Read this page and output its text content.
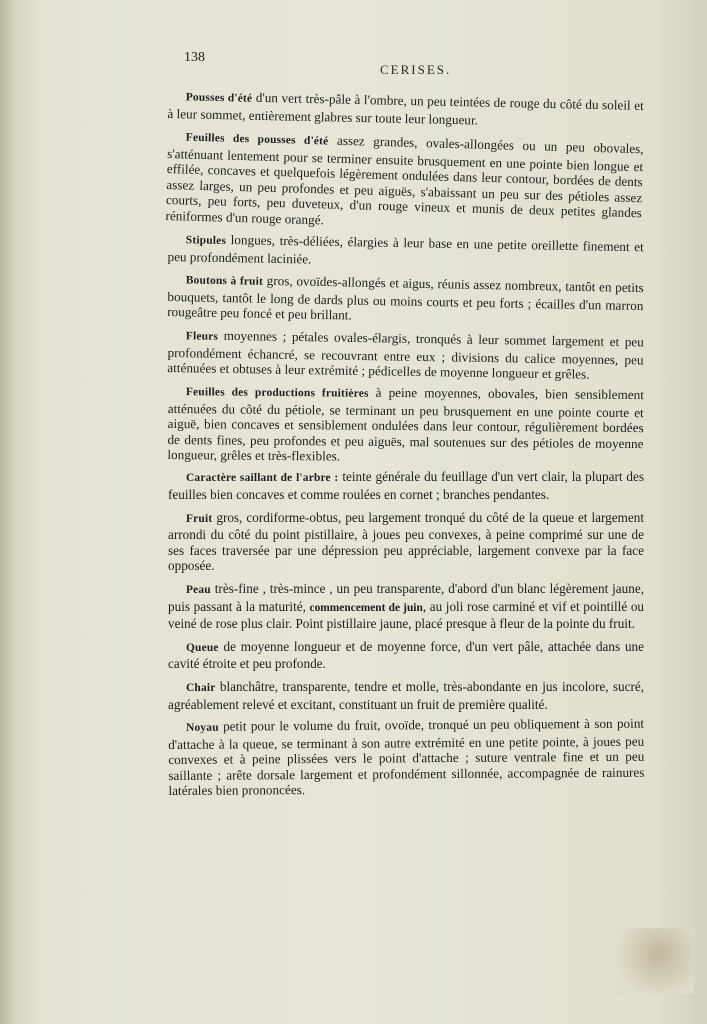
138
CERISES.

Pousses d'été d'un vert très-pâle à l'ombre, un peu teintées de rouge du côté du soleil et à leur sommet, entièrement glabres sur toute leur longueur.

Feuilles des pousses d'été assez grandes, ovales-allongées ou un peu obovales, s'atténuant lentement pour se terminer ensuite brusquement en une pointe bien longue et effilée, concaves et quelquefois légèrement ondulées dans leur contour, bordées de dents assez larges, un peu profondes et peu aiguës, s'abaissant un peu sur des pétioles assez courts, peu forts, peu duveteux, d'un rouge vineux et munis de deux petites glandes réniformes d'un rouge orangé.

Stipules longues, très-déliées, élargies à leur base en une petite oreillette finement et peu profondément laciniée.

Boutons à fruit gros, ovoïdes-allongés et aigus, réunis assez nombreux, tantôt en petits bouquets, tantôt le long de dards plus ou moins courts et peu forts ; écailles d'un marron rougeâtre peu foncé et peu brillant.

Fleurs moyennes ; pétales ovales-élargis, tronqués à leur sommet largement et peu profondément échancré, se recouvrant entre eux ; divisions du calice moyennes, peu atténuées et obtuses à leur extrémité ; pédicelles de moyenne longueur et grêles.

Feuilles des productions fruitières à peine moyennes, obovales, bien sensiblement atténuées du côté du pétiole, se terminant un peu brusquement en une pointe courte et aiguë, bien concaves et sensiblement ondulées dans leur contour, régulièrement bordées de dents fines, peu profondes et peu aiguës, mal soutenues sur des pétioles de moyenne longueur, grêles et très-flexibles.

Caractère saillant de l'arbre : teinte générale du feuillage d'un vert clair, la plupart des feuilles bien concaves et comme roulées en cornet ; branches pendantes.

Fruit gros, cordiforme-obtus, peu largement tronqué du côté de la queue et largement arrondi du côté du point pistillaire, à joues peu convexes, à peine comprimé sur une de ses faces traversée par une dépression peu appréciable, largement convexe par la face opposée.

Peau très-fine , très-mince , un peu transparente, d'abord d'un blanc légèrement jaune, puis passant à la maturité, commencement de juin, au joli rose carminé et vif et pointillé ou veiné de rose plus clair. Point pistillaire jaune, placé presque à fleur de la pointe du fruit.

Queue de moyenne longueur et de moyenne force, d'un vert pâle, attachée dans une cavité étroite et peu profonde.

Chair blanchâtre, transparente, tendre et molle, très-abondante en jus incolore, sucré, agréablement relevé et excitant, constituant un fruit de première qualité.

Noyau petit pour le volume du fruit, ovoïde, tronqué un peu obliquement à son point d'attache à la queue, se terminant à son autre extrémité en une petite pointe, à joues peu convexes et à peine plissées vers le point d'attache ; suture ventrale fine et un peu saillante ; arête dorsale largement et profondément sillonnée, accompagnée de rainures latérales bien prononcées.
